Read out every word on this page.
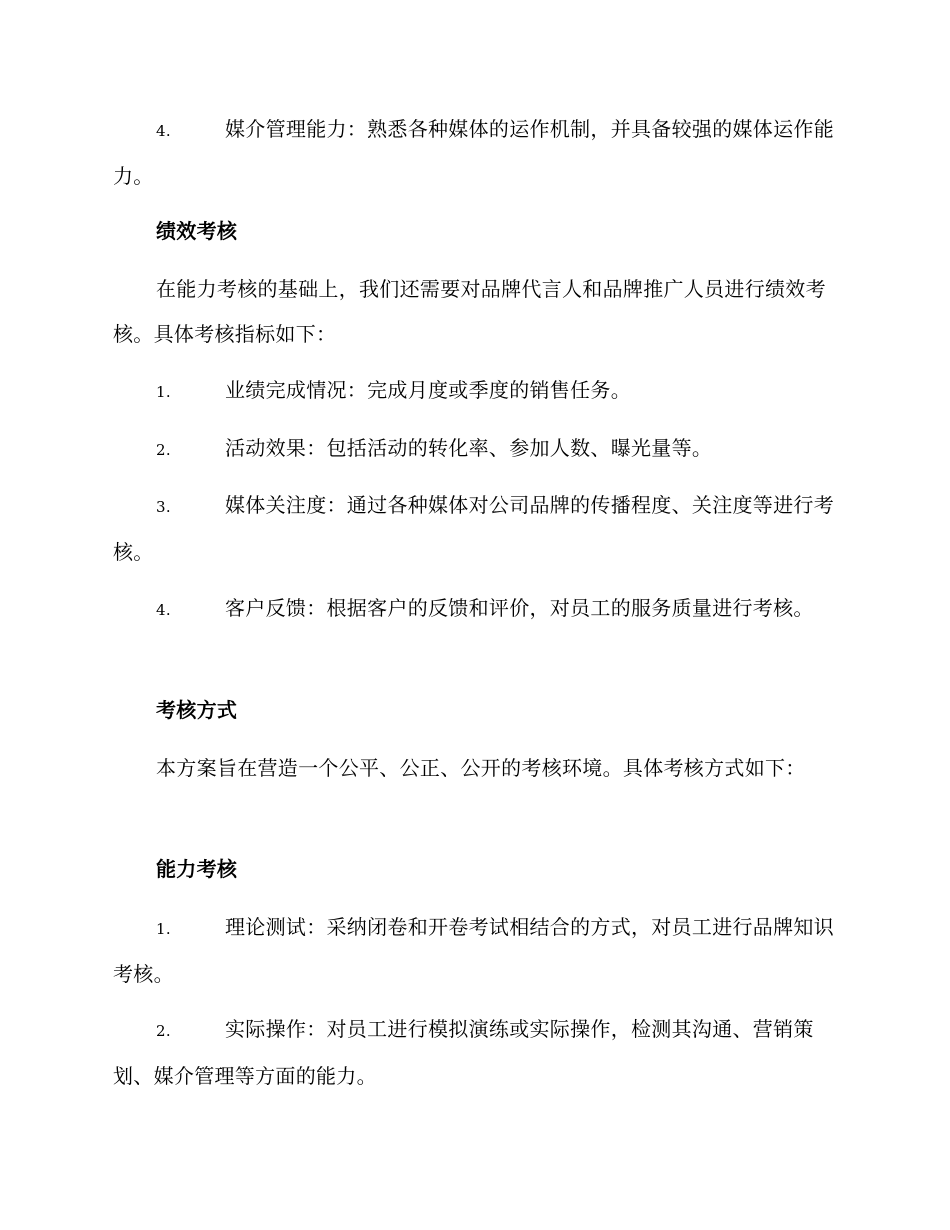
4.	媒介管理能力：熟悉各种媒体的运作机制，并具备较强的媒体运作能力。
绩效考核
在能力考核的基础上，我们还需要对品牌代言人和品牌推广人员进行绩效考核。具体考核指标如下：
1.	业绩完成情况：完成月度或季度的销售任务。
2.	活动效果：包括活动的转化率、参加人数、曝光量等。
3.	媒体关注度：通过各种媒体对公司品牌的传播程度、关注度等进行考核。
4.	客户反馈：根据客户的反馈和评价，对员工的服务质量进行考核。
考核方式
本方案旨在营造一个公平、公正、公开的考核环境。具体考核方式如下：
能力考核
1.	理论测试：采纳闭卷和开卷考试相结合的方式，对员工进行品牌知识考核。
2.	实际操作：对员工进行模拟演练或实际操作，检测其沟通、营销策划、媒介管理等方面的能力。
